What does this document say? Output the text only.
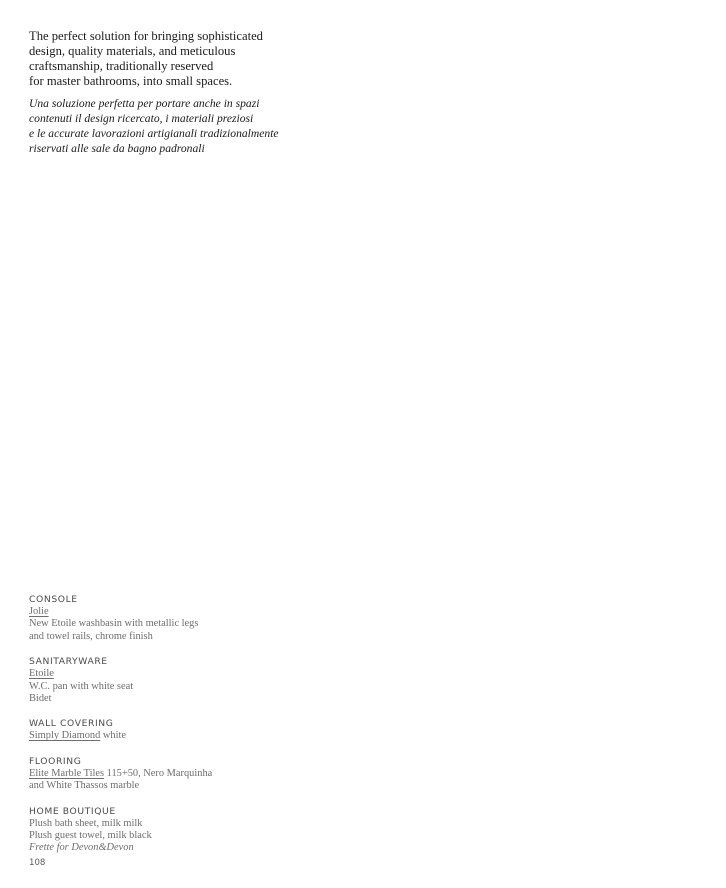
The perfect solution for bringing sophisticated
design, quality materials, and meticulous
craftsmanship, traditionally reserved
for master bathrooms, into small spaces.

Una soluzione perfetta per portare anche in spazi
contenuti il design ricercato, i materiali preziosi
e le accurate lavorazioni artigianali tradizionalmente
riservati alle sale da bagno padronali

CONSOLE
Jolie
New Etoile washbasin with metallic legs
and towel rails, chrome finish
SANITARYWARE
Etoile
W.C. pan with white seat
Bidet
WALL COVERING
Simply Diamond white
FLOORING
Elite Marble Tiles 115+50, Nero Marquinha
and White Thassos marble
HOME BOUTIQUE
Plush bath sheet, milk milk
Plush guest towel, milk black
Frette for Devon&Devon
108
